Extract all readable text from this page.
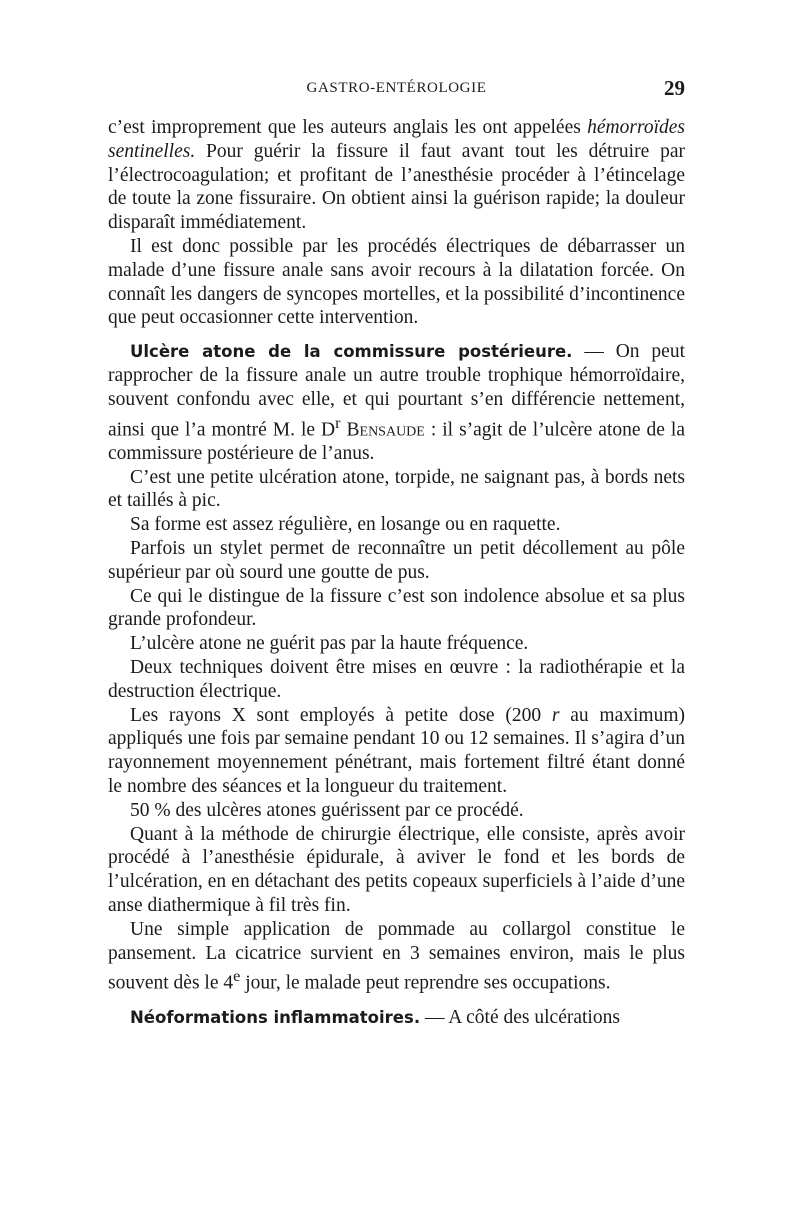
GASTRO-ENTÉROLOGIE	29

c’est improprement que les auteurs anglais les ont appelées hémorroïdes sentinelles. Pour guérir la fissure il faut avant tout les détruire par l’électrocoagulation; et profitant de l’anesthésie procéder à l’étincelage de toute la zone fissuraire. On obtient ainsi la guérison rapide; la douleur disparaît immédiatement.

Il est donc possible par les procédés électriques de débarrasser un malade d’une fissure anale sans avoir recours à la dilatation forcée. On connaît les dangers de syncopes mortelles, et la possibilité d’incontinence que peut occasionner cette intervention.

Ulcère atone de la commissure postérieure. — On peut rapprocher de la fissure anale un autre trouble trophique hémorroïdaire, souvent confondu avec elle, et qui pourtant s’en différencie nettement, ainsi que l’a montré M. le $D^r$ Bensaude : il s’agit de l’ulcère atone de la commissure postérieure de l’anus.

C’est une petite ulcération atone, torpide, ne saignant pas, à bords nets et taillés à pic.

Sa forme est assez régulière, en losange ou en raquette.

Parfois un stylet permet de reconnaître un petit décollement au pôle supérieur par où sourd une goutte de pus.

Ce qui le distingue de la fissure c’est son indolence absolue et sa plus grande profondeur.

L’ulcère atone ne guérit pas par la haute fréquence.

Deux techniques doivent être mises en œuvre : la radiothérapie et la destruction électrique.

Les rayons X sont employés à petite dose (200 r au maximum) appliqués une fois par semaine pendant 10 ou 12 semaines. Il s’agira d’un rayonnement moyennement pénétrant, mais fortement filtré étant donné le nombre des séances et la longueur du traitement.

50 % des ulcères atones guérissent par ce procédé.

Quant à la méthode de chirurgie électrique, elle consiste, après avoir procédé à l’anesthésie épidurale, à aviver le fond et les bords de l’ulcération, en en détachant des petits copeaux superficiels à l’aide d’une anse diathermique à fil très fin.

Une simple application de pommade au collargol constitue le pansement. La cicatrice survient en 3 semaines environ, mais le plus souvent dès le 4e jour, le malade peut reprendre ses occupations.

Néoformations inflammatoires. — A côté des ulcérations
